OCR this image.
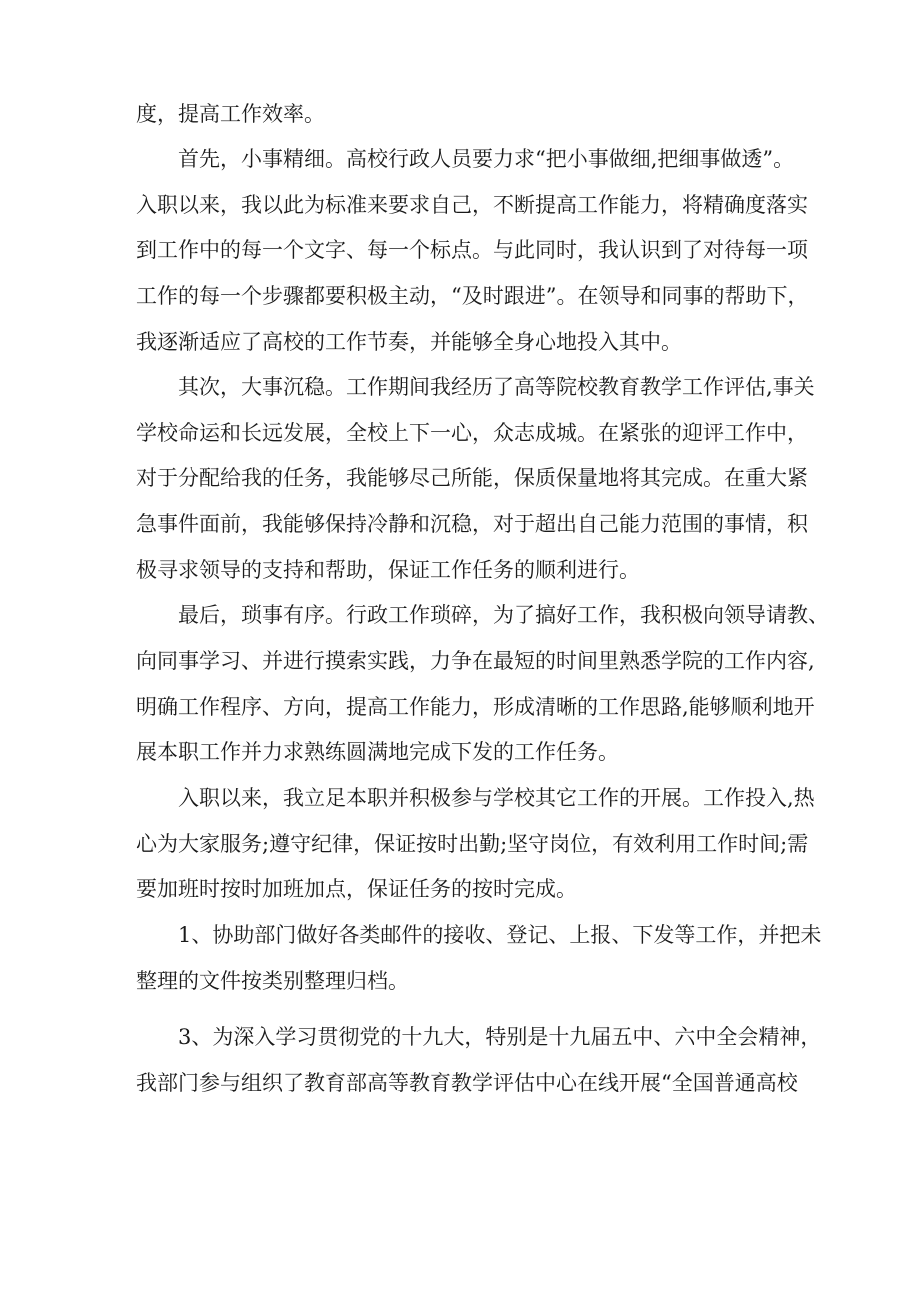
度，提高工作效率。
首先，小事精细。高校行政人员要力求“把小事做细,把细事做透”。
入职以来，我以此为标准来要求自己，不断提高工作能力，将精确度落实
到工作中的每一个文字、每一个标点。与此同时，我认识到了对待每一项
工作的每一个步骤都要积极主动，“及时跟进”。在领导和同事的帮助下，
我逐渐适应了高校的工作节奏，并能够全身心地投入其中。
其次，大事沉稳。工作期间我经历了高等院校教育教学工作评估,事关
学校命运和长远发展，全校上下一心，众志成城。在紧张的迎评工作中，
对于分配给我的任务，我能够尽己所能，保质保量地将其完成。在重大紧
急事件面前，我能够保持冷静和沉稳，对于超出自己能力范围的事情，积
极寻求领导的支持和帮助，保证工作任务的顺利进行。
最后，琐事有序。行政工作琐碎，为了搞好工作，我积极向领导请教、
向同事学习、并进行摸索实践，力争在最短的时间里熟悉学院的工作内容,
明确工作程序、方向，提高工作能力，形成清晰的工作思路,能够顺利地开
展本职工作并力求熟练圆满地完成下发的工作任务。
入职以来，我立足本职并积极参与学校其它工作的开展。工作投入,热
心为大家服务;遵守纪律，保证按时出勤;坚守岗位，有效利用工作时间;需
要加班时按时加班加点，保证任务的按时完成。
1、协助部门做好各类邮件的接收、登记、上报、下发等工作，并把未
整理的文件按类别整理归档。
3、为深入学习贯彻党的十九大，特别是十九届五中、六中全会精神，
我部门参与组织了教育部高等教育教学评估中心在线开展“全国普通高校
